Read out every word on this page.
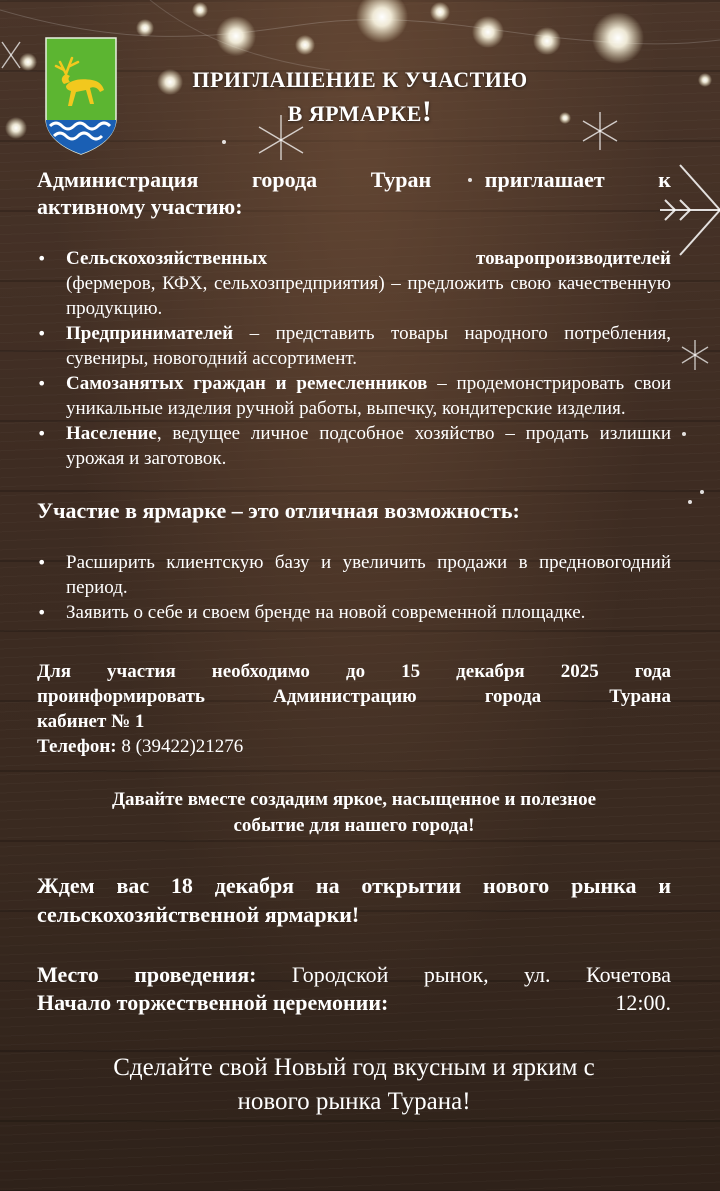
ПРИГЛАШЕНИЕ К УЧАСТИЮ
В ЯРМАРКЕ!
Администрация города Туран приглашает к
активному участию:
• Сельскохозяйственных товаропроизводителей
(фермеров, КФХ, сельхозпредприятия) – предложить свою качественную продукцию.
• Предпринимателей – представить товары народного потребления, сувениры, новогодний ассортимент.
• Самозанятых граждан и ремесленников – продемонстрировать свои уникальные изделия ручной работы, выпечку, кондитерские изделия.
• Население, ведущее личное подсобное хозяйство – продать излишки урожая и заготовок.
Участие в ярмарке – это отличная возможность:
• Расширить клиентскую базу и увеличить продажи в предновогодний период.
• Заявить о себе и своем бренде на новой современной площадке.
Для участия необходимо до 15 декабря 2025 года
проинформировать Администрацию города Турана
кабинет № 1
Телефон: 8 (39422)21276
Давайте вместе создадим яркое, насыщенное и полезное
событие для нашего города!
Ждем вас 18 декабря на открытии нового рынка и
сельскохозяйственной ярмарки!
Место проведения: Городской рынок, ул. Кочетова
Начало торжественной церемонии:	12:00.
Сделайте свой Новый год вкусным и ярким с
нового рынка Турана!
